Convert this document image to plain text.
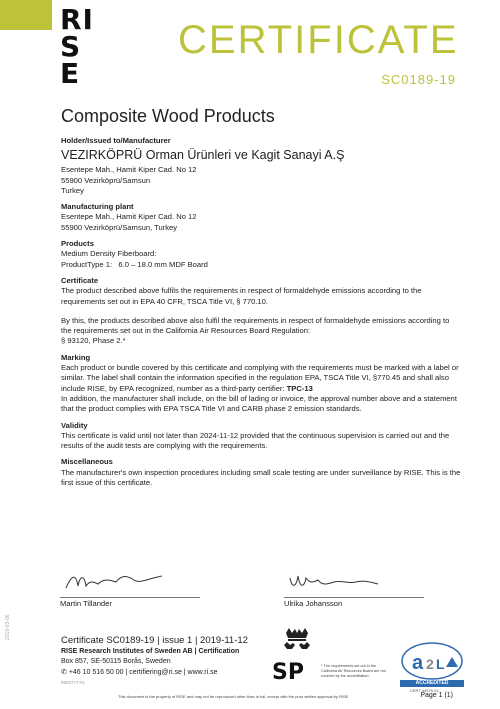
RI
S
E
CERTIFICATE
SC0189-19
Composite Wood Products
Holder/Issued to/Manufacturer
VEZIRKÖPRÜ Orman Ürünleri ve Kagit Sanayi A.Ş
Esentepe Mah., Hamit Kiper Cad. No 12
55900 Vezirköprü/Samsun
Turkey
Manufacturing plant
Esentepe Mah., Hamit Kiper Cad. No 12
55900 Vezirköprü/Samsun, Turkey
Products
Medium Density Fiberboard:
ProductType 1:   6.0 – 18.0 mm MDF Board
Certificate
The product described above fulfils the requirements in respect of formaldehyde emissions according to the requirements set out in EPA 40 CFR, TSCA Title VI, § 770.10.
By this, the products described above also fulfil the requirements in respect of formaldehyde emissions according to the requirements set out in the California Air Resources Board Regulation:
§ 93120, Phase 2.*
Marking
Each product or bundle covered by this certificate and complying with the requirements must be marked with a label or similar. The label shall contain the information specified in the regulation EPA, TSCA Title VI, §770.45 and shall also include RISE, by EPA recognized, number as a third-party certifier: TPC-13
In addition, the manufacturer shall include, on the bill of lading or invoice, the approval number above and a statement that the product complies with EPA TSCA Title VI and CARB phase 2 emission standards.
Validity
This certificate is valid until not later than 2024-11-12 provided that the continuous supervision is carried out and the results of the audit tests are complying with the requirements.
Miscellaneous
The manufacturer's own inspection procedures including small scale testing are under surveillance by RISE. This is the first issue of this certificate.
Martin Tillander	Ulrika Johansson
2019-03-06
Certificate SC0189-19 | issue 1 | 2019-11-12
RISE Research Institutes of Sweden AB | Certification
Box 857, SE-50115 Borås, Sweden
✆ +46 10 516 50 00 | certifiering@ri.se | www.ri.se
9903777-01	SP	* The requirements set out in the California Air Resources Board are not covered by the accreditation.
a 2 L
ACCREDITED
CERT #4975.01
This document is the property of RISE and may not be reproduced other than in full, except with the prior written approval by RISE	Page 1 (1)
